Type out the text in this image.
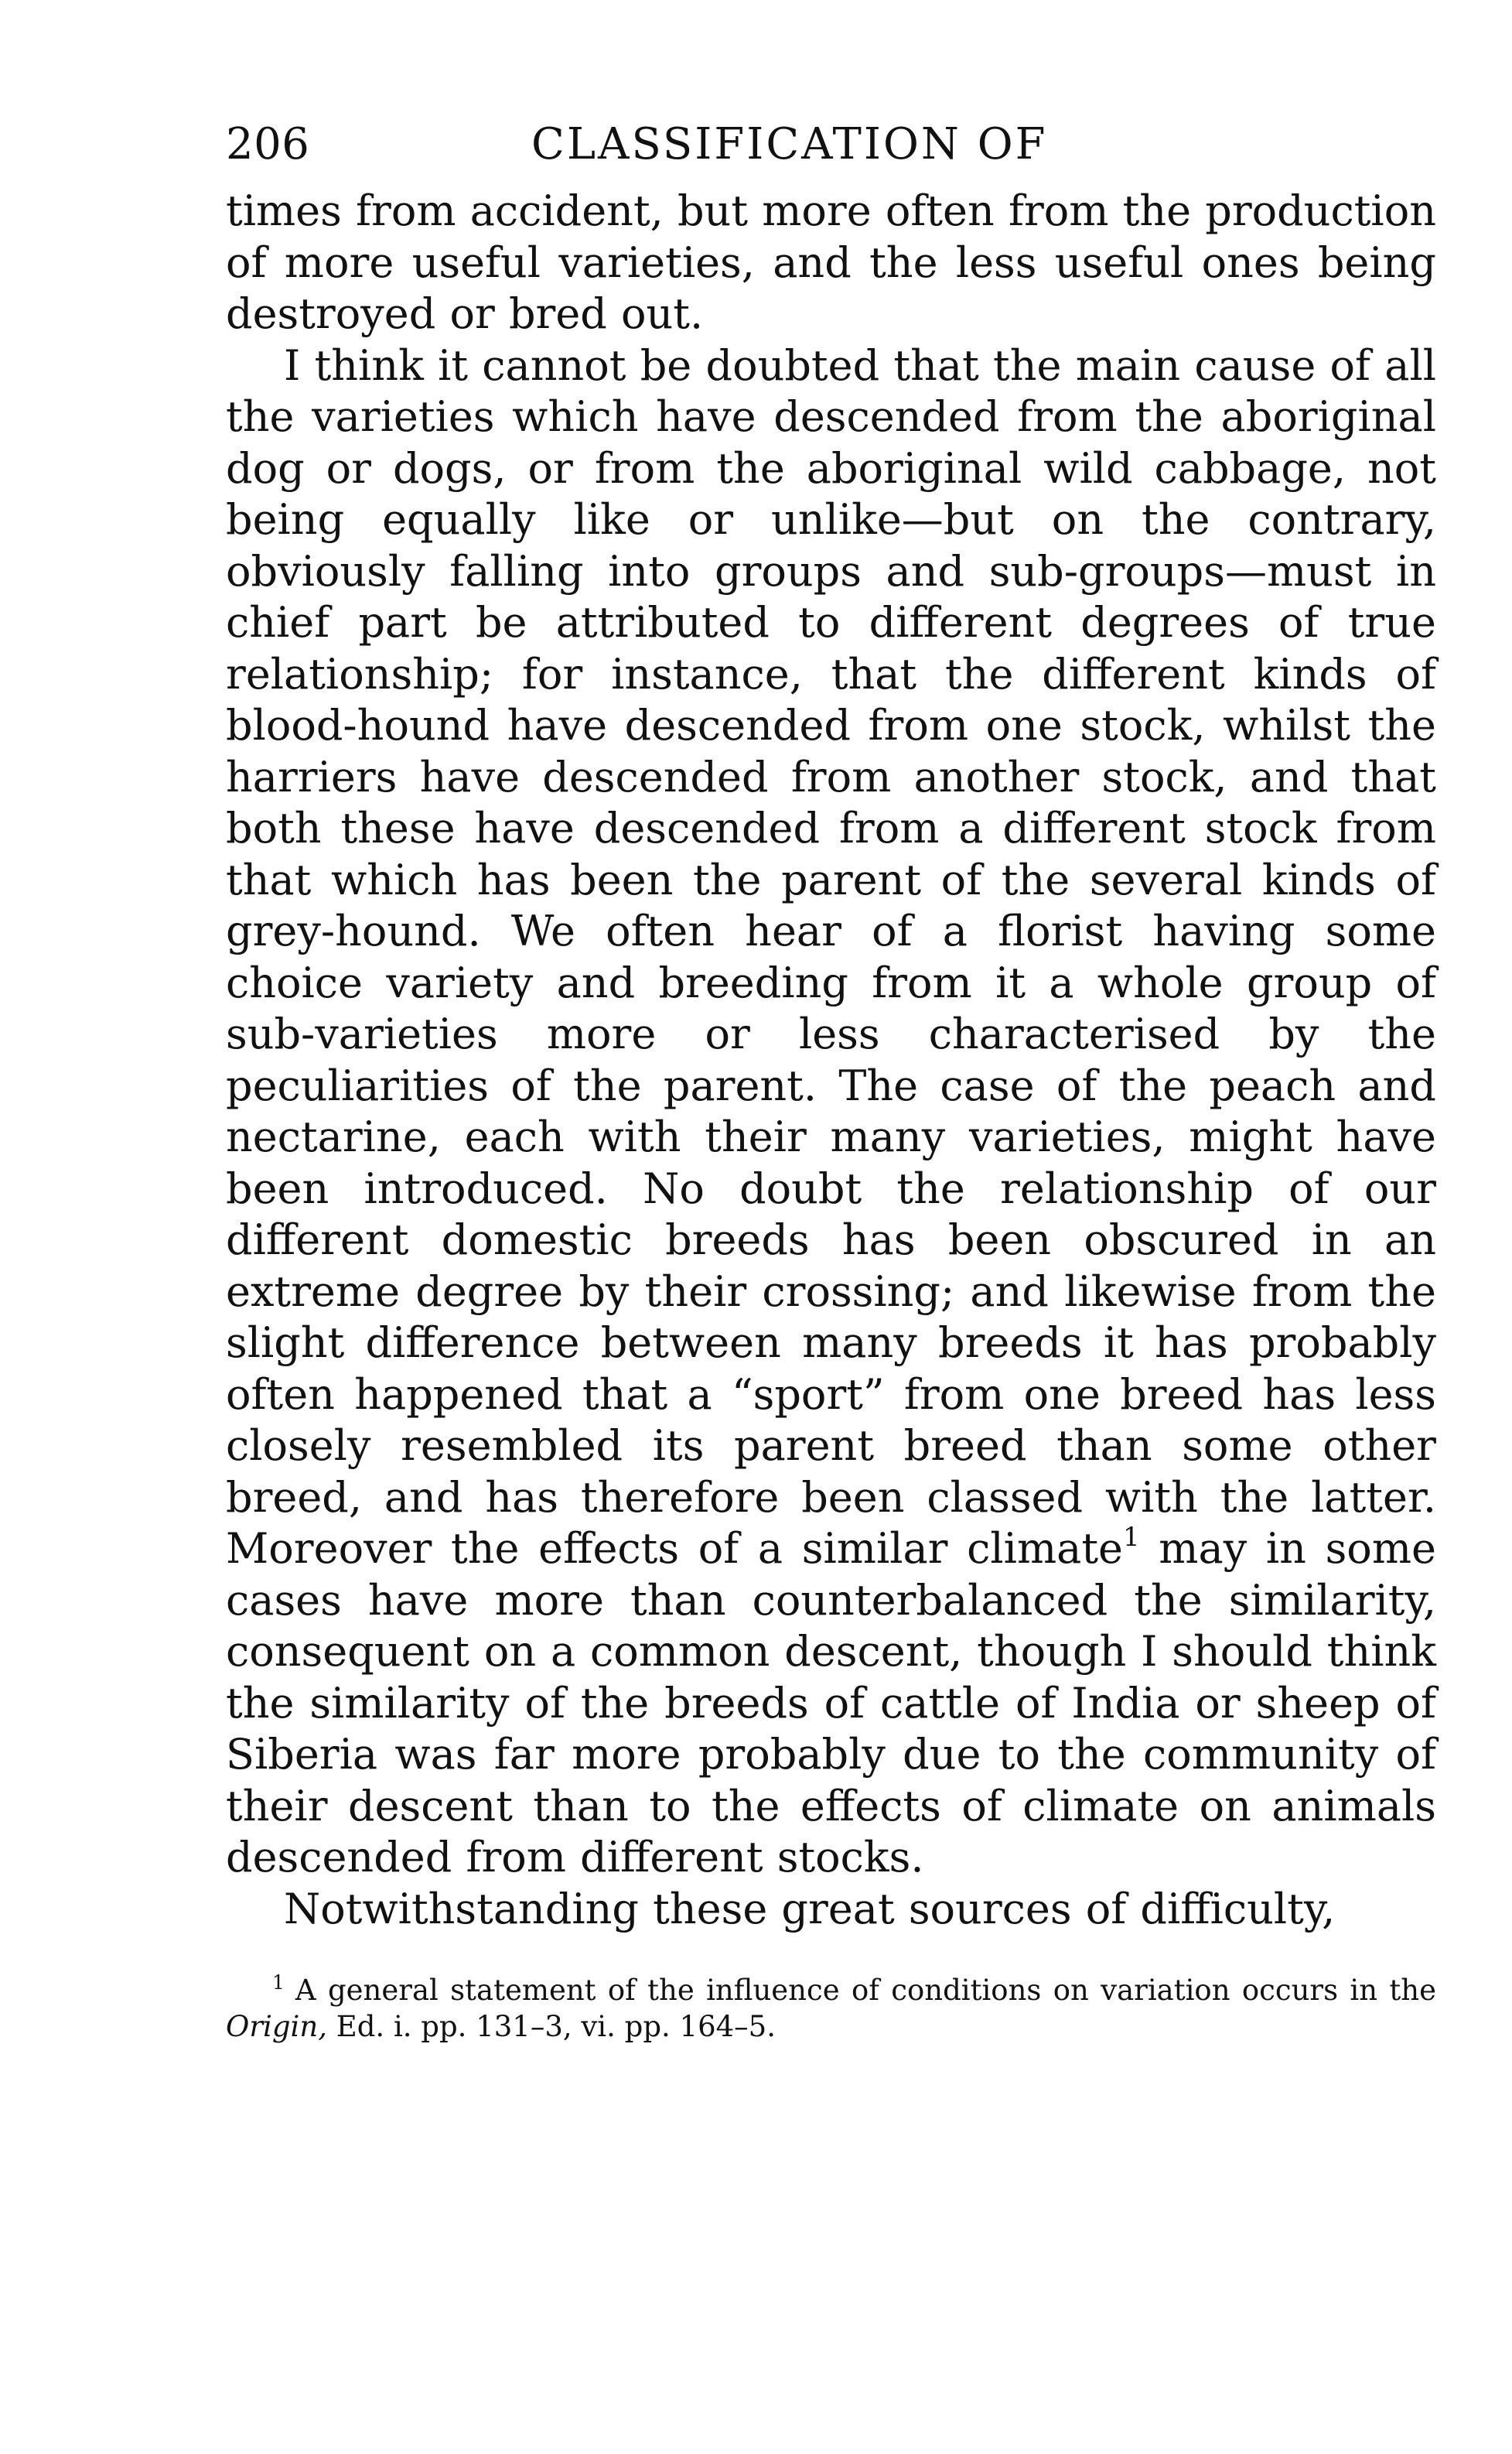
206	CLASSIFICATION OF

times from accident, but more often from the production of more useful varieties, and the less useful ones being destroyed or bred out.

I think it cannot be doubted that the main cause of all the varieties which have descended from the aboriginal dog or dogs, or from the aboriginal wild cabbage, not being equally like or unlike—but on the contrary, obviously falling into groups and sub-groups—must in chief part be attributed to different degrees of true relationship; for instance, that the different kinds of blood-hound have descended from one stock, whilst the harriers have descended from another stock, and that both these have descended from a different stock from that which has been the parent of the several kinds of grey-hound. We often hear of a florist having some choice variety and breeding from it a whole group of sub-varieties more or less characterised by the peculiarities of the parent. The case of the peach and nectarine, each with their many varieties, might have been introduced. No doubt the relationship of our different domestic breeds has been obscured in an extreme degree by their crossing; and likewise from the slight difference between many breeds it has probably often happened that a “sport” from one breed has less closely resembled its parent breed than some other breed, and has therefore been classed with the latter. Moreover the effects of a similar climate$^1$ may in some cases have more than counterbalanced the similarity, consequent on a common descent, though I should think the similarity of the breeds of cattle of India or sheep of Siberia was far more probably due to the community of their descent than to the effects of climate on animals descended from different stocks.

Notwithstanding these great sources of difficulty,

$^1$ A general statement of the influence of conditions on variation occurs in the Origin, Ed. i. pp. 131–3, vi. pp. 164–5.
